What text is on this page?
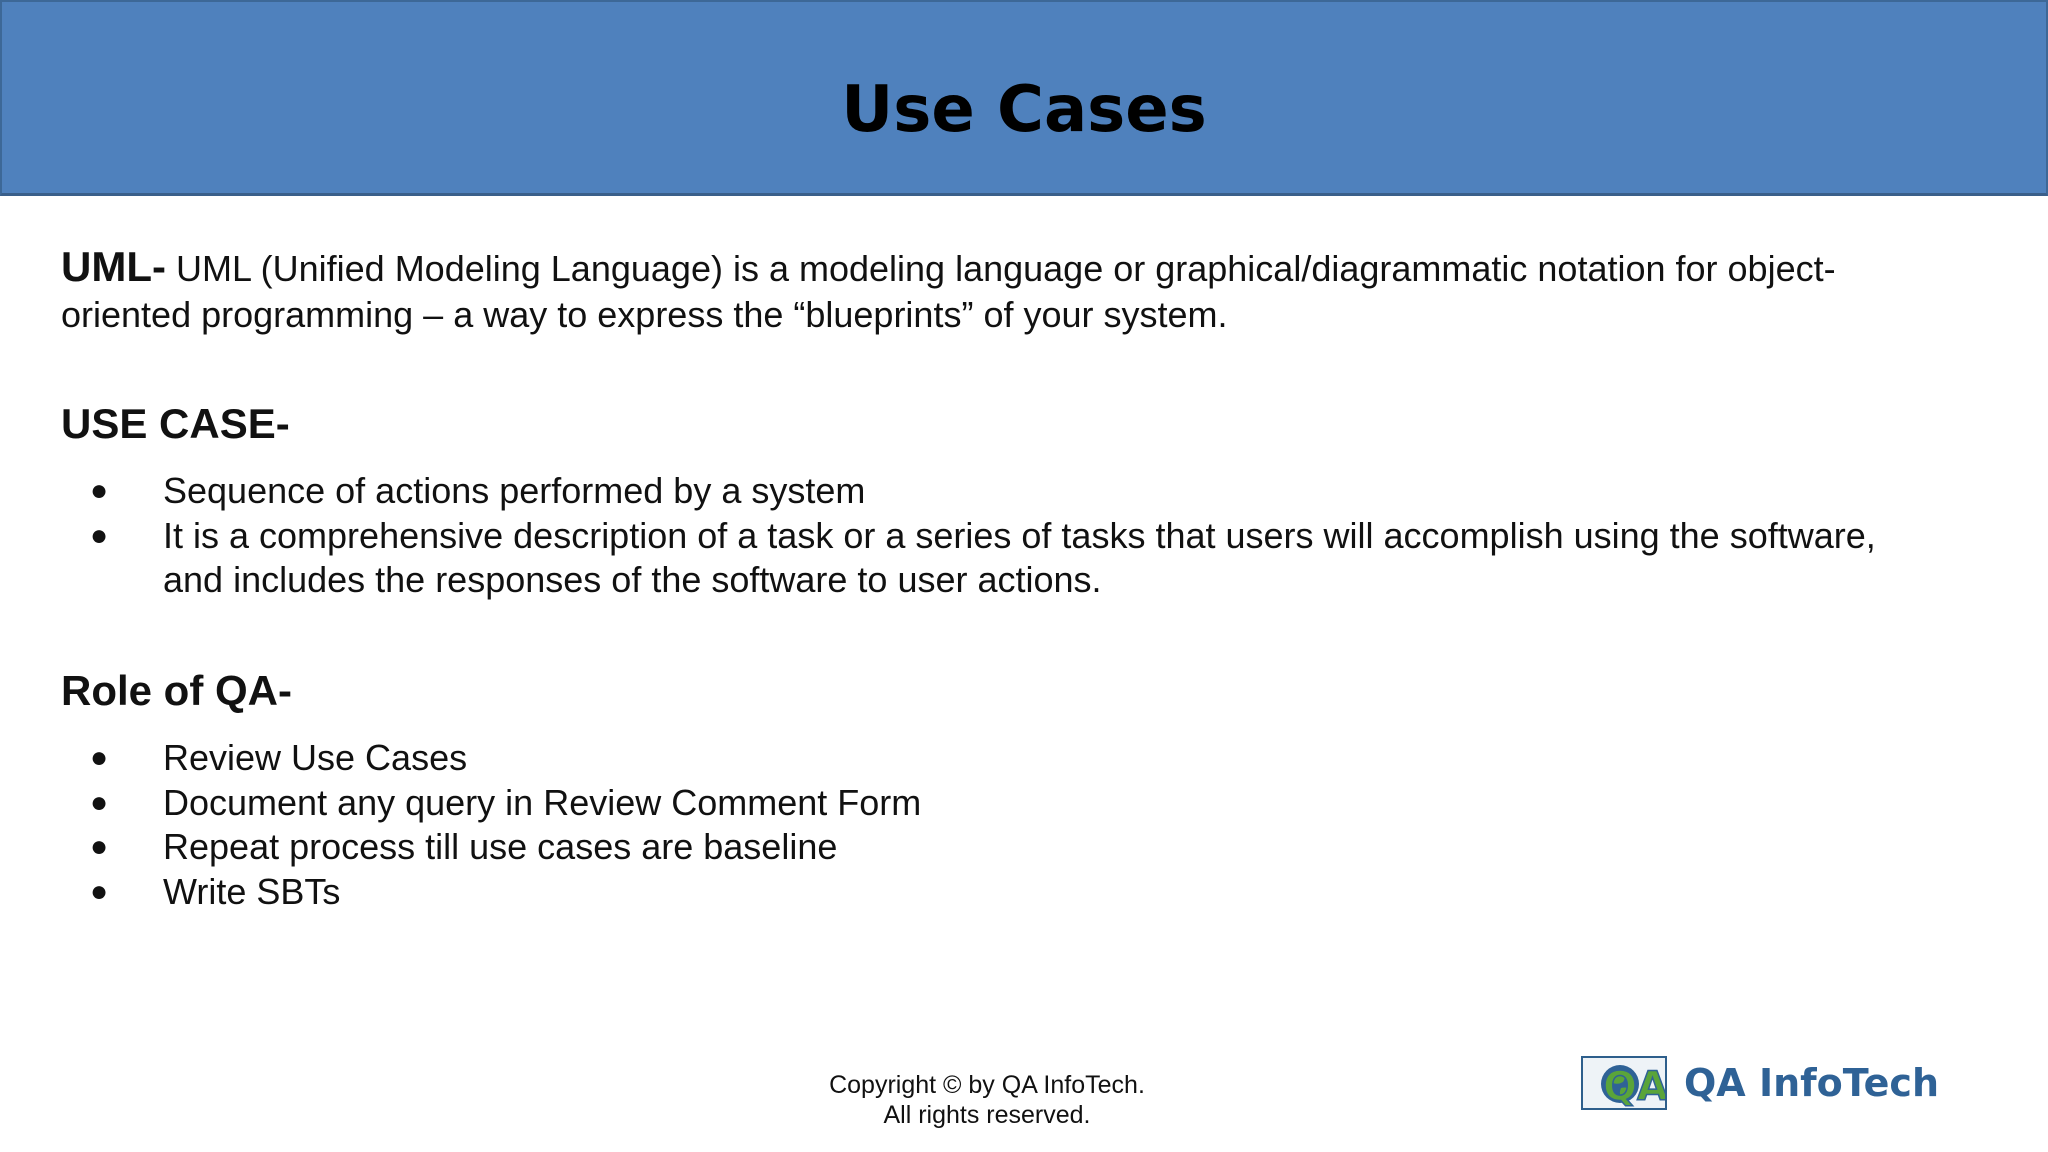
Use Cases

UML- UML (Unified Modeling Language) is a modeling language or graphical/diagrammatic notation for object-oriented programming – a way to express the “blueprints” of your system.

USE CASE-
● Sequence of actions performed by a system
● It is a comprehensive description of a task or a series of tasks that users will accomplish using the software, and includes the responses of the software to user actions.
Role of QA-
● Review Use Cases
● Document any query in Review Comment Form
● Repeat process till use cases are baseline
● Write SBTs
Copyright © by QA InfoTech.
All rights reserved.
QA QA InfoTech
